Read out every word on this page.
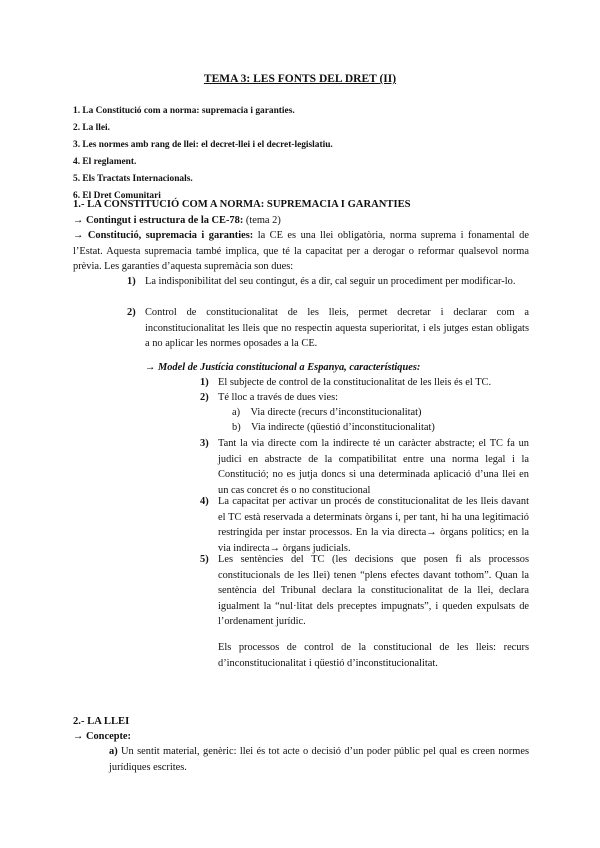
TEMA 3: LES FONTS DEL DRET (II)
1. La Constitució com a norma: supremacia i garanties.
2. La llei.
3. Les normes amb rang de llei: el decret-llei i el decret-legislatiu.
4. El reglament.
5. Els Tractats Internacionals.
6. El Dret Comunitari
1.- LA CONSTITUCIÓ COM A NORMA: SUPREMACIA I GARANTIES
→ Contingut i estructura de la CE-78: (tema 2)
→ Constitució, supremacia i garanties: la CE es una llei obligatòria, norma suprema i fonamental de l’Estat. Aquesta supremacia també implica, que té la capacitat per a derogar o reformar qualsevol norma prèvia. Les garanties d’aquesta supremàcia son dues:
1) La indisponibilitat del seu contingut, és a dir, cal seguir un procediment per modificar-lo.
2) Control de constitucionalitat de les lleis, permet decretar i declarar com a inconstitucionalitat les lleis que no respectin aquesta superioritat, i els jutges estan obligats a no aplicar les normes oposades a la CE.
→ Model de Justícia constitucional a Espanya, característiques:
1) El subjecte de control de la constitucionalitat de les lleis és el TC.
2) Té lloc a través de dues vies:
a) Via directe (recurs d’inconstitucionalitat)
b) Via indirecte (qüestió d’inconstitucionalitat)
3) Tant la via directe com la indirecte té un caràcter abstracte; el TC fa un judici en abstracte de la compatibilitat entre una norma legal i la Constitució; no es jutja doncs si una determinada aplicació d’una llei en un cas concret és o no constitucional
4) La capacitat per activar un procés de constitucionalitat de les lleis davant el TC està reservada a determinats òrgans i, per tant, hi ha una legitimació restringida per instar processos. En la via directa→ òrgans polítics; en la via indirecta→ òrgans judicials.
5) Les sentències del TC (les decisions que posen fi als processos constitucionals de les llei) tenen “plens efectes davant tothom”. Quan la sentència del Tribunal declara la constitucionalitat de la llei, declara igualment la “nul·litat dels preceptes impugnats”, i queden expulsats de l’ordenament jurídic.
Els processos de control de la constitucional de les lleis: recurs d’inconstitucionalitat i qüestió d’inconstitucionalitat.
2.- LA LLEI
→ Concepte:
a) Un sentit material, genèric: llei és tot acte o decisió d’un poder públic pel qual es creen normes jurídiques escrites.
